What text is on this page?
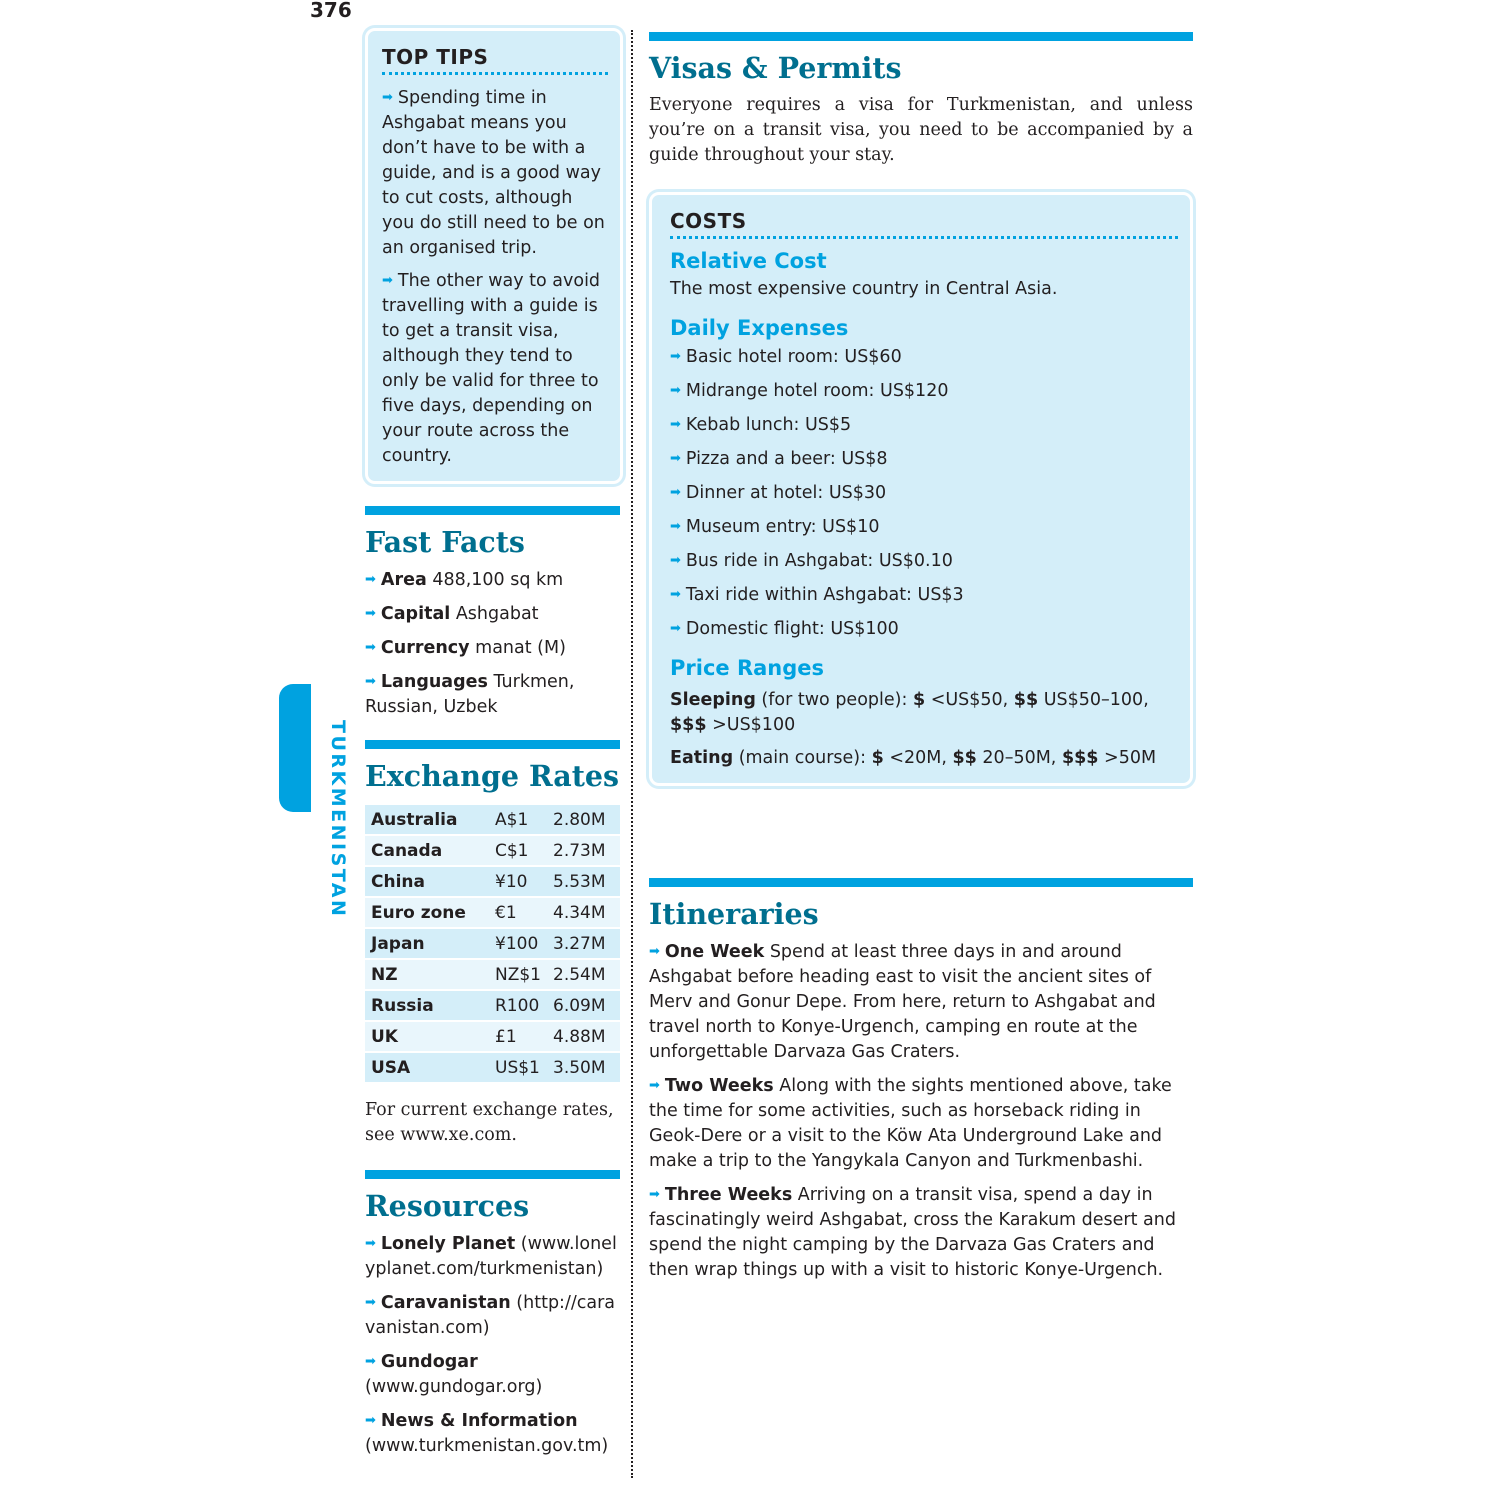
376
TURKMENISTAN
TOP TIPS
➡ Spending time in Ashgabat means you don’t have to be with a guide, and is a good way to cut costs, although you do still need to be on an organised trip.
➡ The other way to avoid travelling with a guide is to get a transit visa, although they tend to only be valid for three to five days, depending on your route across the country.
Fast Facts
➡ Area 488,100 sq km
➡ Capital Ashgabat
➡ Currency manat (M)
➡ Languages Turkmen, Russian, Uzbek
Exchange Rates
Australia	A$1	2.80M
Canada	C$1	2.73M
China	¥10	5.53M
Euro zone	€1	4.34M
Japan	¥100	3.27M
NZ	NZ$1	2.54M
Russia	R100	6.09M
UK	£1	4.88M
USA	US$1	3.50M
For current exchange rates, see www.xe.com.
Resources
➡ Lonely Planet (www.lonelyplanet.com/turkmenistan)
➡ Caravanistan (http://caravanistan.com)
➡ Gundogar (www.gundogar.org)
➡ News & Information (www.turkmenistan.gov.tm)
Visas & Permits
Everyone requires a visa for Turkmenistan, and unless you’re on a transit visa, you need to be accompanied by a guide throughout your stay.
COSTS
Relative Cost
The most expensive country in Central Asia.
Daily Expenses
➡ Basic hotel room: US$60
➡ Midrange hotel room: US$120
➡ Kebab lunch: US$5
➡ Pizza and a beer: US$8
➡ Dinner at hotel: US$30
➡ Museum entry: US$10
➡ Bus ride in Ashgabat: US$0.10
➡ Taxi ride within Ashgabat: US$3
➡ Domestic flight: US$100
Price Ranges
Sleeping (for two people): $ <US$50, $$ US$50–100, $$$ >US$100
Eating (main course): $ <20M, $$ 20–50M, $$$ >50M
Itineraries
➡ One Week Spend at least three days in and around Ashgabat before heading east to visit the ancient sites of Merv and Gonur Depe. From here, return to Ashgabat and travel north to Konye-Urgench, camping en route at the unforgettable Darvaza Gas Craters.
➡ Two Weeks Along with the sights mentioned above, take the time for some activities, such as horseback riding in Geok-Dere or a visit to the Köw Ata Underground Lake and make a trip to the Yangykala Canyon and Turkmenbashi.
➡ Three Weeks Arriving on a transit visa, spend a day in fascinatingly weird Ashgabat, cross the Karakum desert and spend the night camping by the Darvaza Gas Craters and then wrap things up with a visit to historic Konye-Urgench.
